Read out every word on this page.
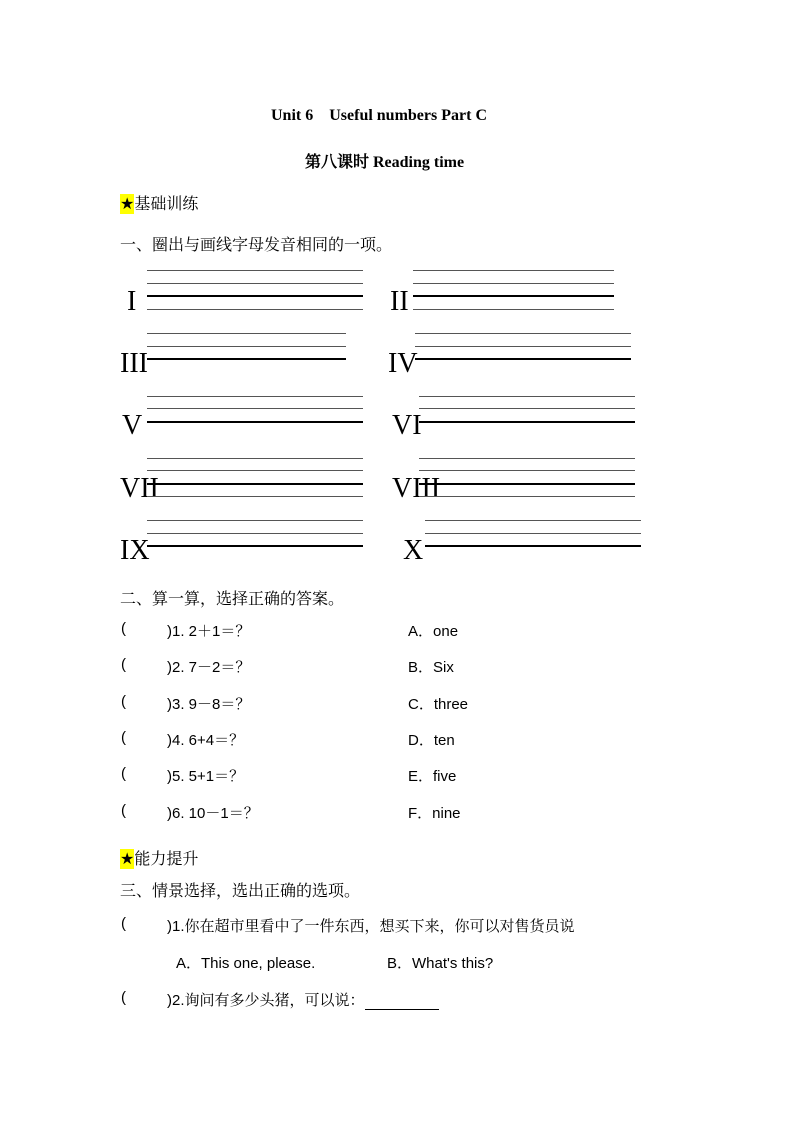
Unit 6    Useful numbers Part C
第八课时 Reading time
★基础训练
一、圈出与画线字母发音相同的一项。
I	II
III	IV
V	VI
VII	VIII
IX	X
二、算一算，选择正确的答案。
(	)1. 2＋1＝？	A．one
(	)2. 7－2＝？	B．Six
(	)3. 9－8＝？	C．three
(	)4. 6+4＝？	D．ten
(	)5. 5+1＝？	E．five
(	)6. 10－1＝？	F．nine
★能力提升
三、情景选择，选出正确的选项。
(	)1.你在超市里看中了一件东西，想买下来，你可以对售货员说
A．This one, please.	B．What's this?
(	)2.询问有多少头猪，可以说：
